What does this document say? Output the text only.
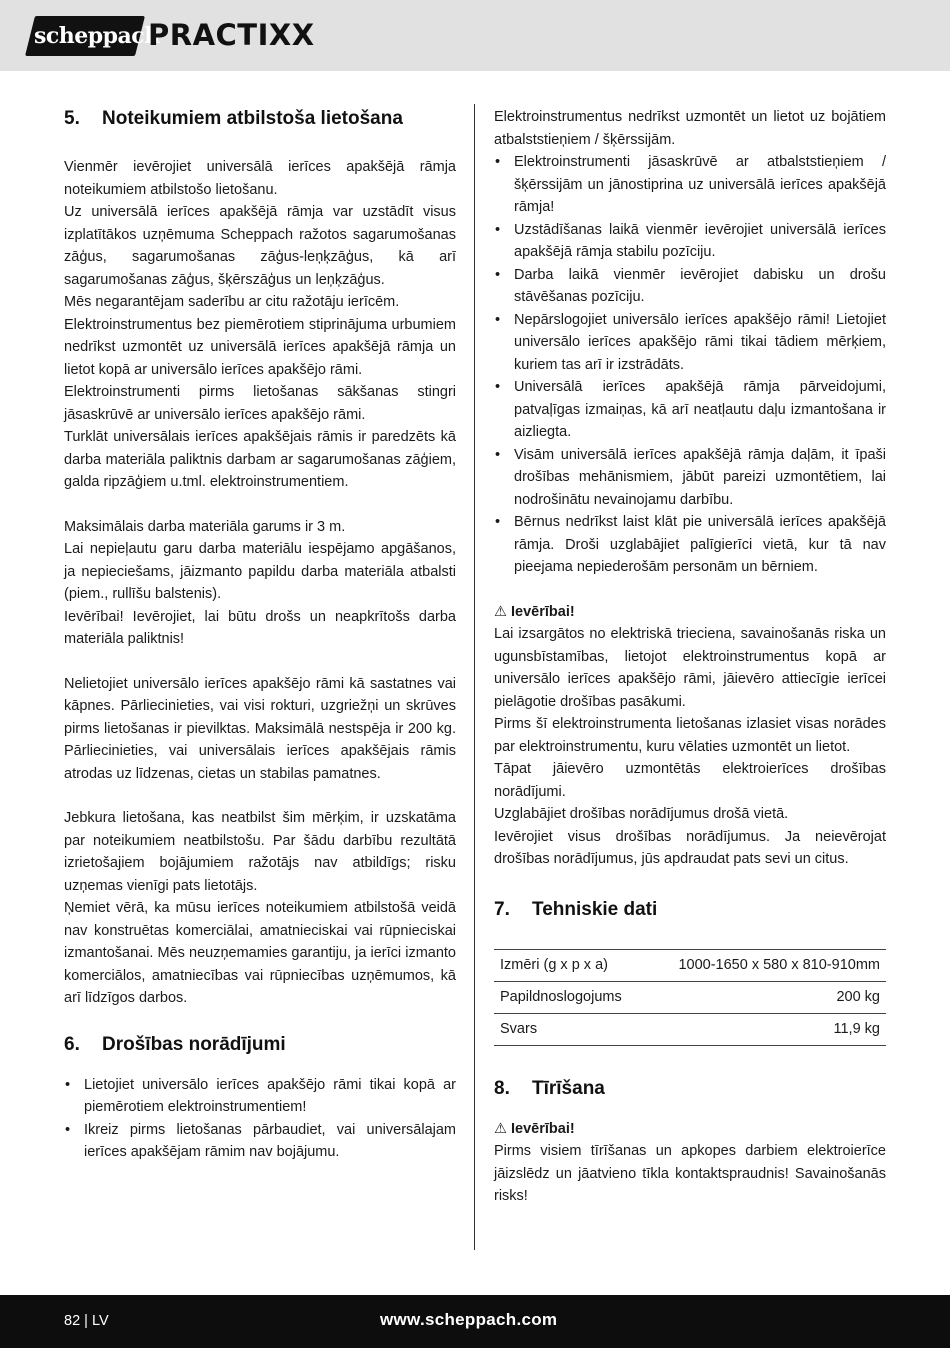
scheppach
PRACTIXX
5.	Noteikumiem atbilstoša lietošana

Vienmēr ievērojiet universālā ierīces apakšējā rāmja noteikumiem atbilstošo lietošanu.

Uz universālā ierīces apakšējā rāmja var uzstādīt visus izplatītākos uzņēmuma Scheppach ražotos sagarumošanas zāģus, sagarumošanas zāģus-leņķzāģus, kā arī sagarumošanas zāģus, šķērszāģus un leņķzāģus.

Mēs negarantējam saderību ar citu ražotāju ierīcēm.

Elektroinstrumentus bez piemērotiem stiprinājuma urbumiem nedrīkst uzmontēt uz universālā ierīces apakšējā rāmja un lietot kopā ar universālo ierīces apakšējo rāmi.

Elektroinstrumenti pirms lietošanas sākšanas stingri jāsaskrūvē ar universālo ierīces apakšējo rāmi.

Turklāt universālais ierīces apakšējais rāmis ir paredzēts kā darba materiāla paliktnis darbam ar sagarumošanas zāģiem, galda ripzāģiem u.tml. elektroinstrumentiem.

Maksimālais darba materiāla garums ir 3 m.

Lai nepieļautu garu darba materiālu iespējamo apgāšanos, ja nepieciešams, jāizmanto papildu darba materiāla atbalsti (piem., rullīšu balstenis).

Ievērībai! Ievērojiet, lai būtu drošs un neapkrītošs darba materiāla paliktnis!

Nelietojiet universālo ierīces apakšējo rāmi kā sastatnes vai kāpnes. Pārliecinieties, vai visi rokturi, uzgriežņi un skrūves pirms lietošanas ir pievilktas. Maksimālā nestspēja ir 200 kg. Pārliecinieties, vai universālais ierīces apakšējais rāmis atrodas uz līdzenas, cietas un stabilas pamatnes.

Jebkura lietošana, kas neatbilst šim mērķim, ir uzskatāma par noteikumiem neatbilstošu. Par šādu darbību rezultātā izrietošajiem bojājumiem ražotājs nav atbildīgs; risku uzņemas vienīgi pats lietotājs.

Ņemiet vērā, ka mūsu ierīces noteikumiem atbilstošā veidā nav konstruētas komerciālai, amatnieciskai vai rūpnieciskai izmantošanai. Mēs neuzņemamies garantiju, ja ierīci izmanto komerciālos, amatniecības vai rūpniecības uzņēmumos, kā arī līdzīgos darbos.

6.	Drošības norādījumi
• Lietojiet universālo ierīces apakšējo rāmi tikai kopā ar piemērotiem elektroinstrumentiem!
• Ikreiz pirms lietošanas pārbaudiet, vai universālajam ierīces apakšējam rāmim nav bojājumu.

Elektroinstrumentus nedrīkst uzmontēt un lietot uz bojātiem atbalststieņiem / šķērssijām.

• Elektroinstrumenti jāsaskrūvē ar atbalststieņiem / šķērssijām un jānostiprina uz universālā ierīces apakšējā rāmja!
• Uzstādīšanas laikā vienmēr ievērojiet universālā ierīces apakšējā rāmja stabilu pozīciju.
• Darba laikā vienmēr ievērojiet dabisku un drošu stāvēšanas pozīciju.
• Nepārslogojiet universālo ierīces apakšējo rāmi! Lietojiet universālo ierīces apakšējo rāmi tikai tādiem mērķiem, kuriem tas arī ir izstrādāts.
• Universālā ierīces apakšējā rāmja pārveidojumi, patvaļīgas izmaiņas, kā arī neatļautu daļu izmantošana ir aizliegta.
• Visām universālā ierīces apakšējā rāmja daļām, it īpaši drošības mehānismiem, jābūt pareizi uzmontētiem, lai nodrošinātu nevainojamu darbību.
• Bērnus nedrīkst laist klāt pie universālā ierīces apakšējā rāmja. Droši uzglabājiet palīgierīci vietā, kur tā nav pieejama nepiederošām personām un bērniem.

⚠ Ievērībai!

Lai izsargātos no elektriskā trieciena, savainošanās riska un ugunsbīstamības, lietojot elektroinstrumentus kopā ar universālo ierīces apakšējo rāmi, jāievēro attiecīgie ierīcei pielāgotie drošības pasākumi.

Pirms šī elektroinstrumenta lietošanas izlasiet visas norādes par elektroinstrumentu, kuru vēlaties uzmontēt un lietot.

Tāpat jāievēro uzmontētās elektroierīces drošības norādījumi.

Uzglabājiet drošības norādījumus drošā vietā.

Ievērojiet visus drošības norādījumus. Ja neievērojat drošības norādījumus, jūs apdraudat pats sevi un citus.

7.	Tehniskie dati
Izmēri (g x p x a)	1000-1650 x 580 x 810-910mm
Papildnoslogojums	200 kg
Svars	11,9 kg
8.	Tīrīšana

⚠ Ievērībai!

Pirms visiem tīrīšanas un apkopes darbiem elektroierīce jāizslēdz un jāatvieno tīkla kontaktspraudnis! Savainošanās risks!

82 | LV	www.scheppach.com
